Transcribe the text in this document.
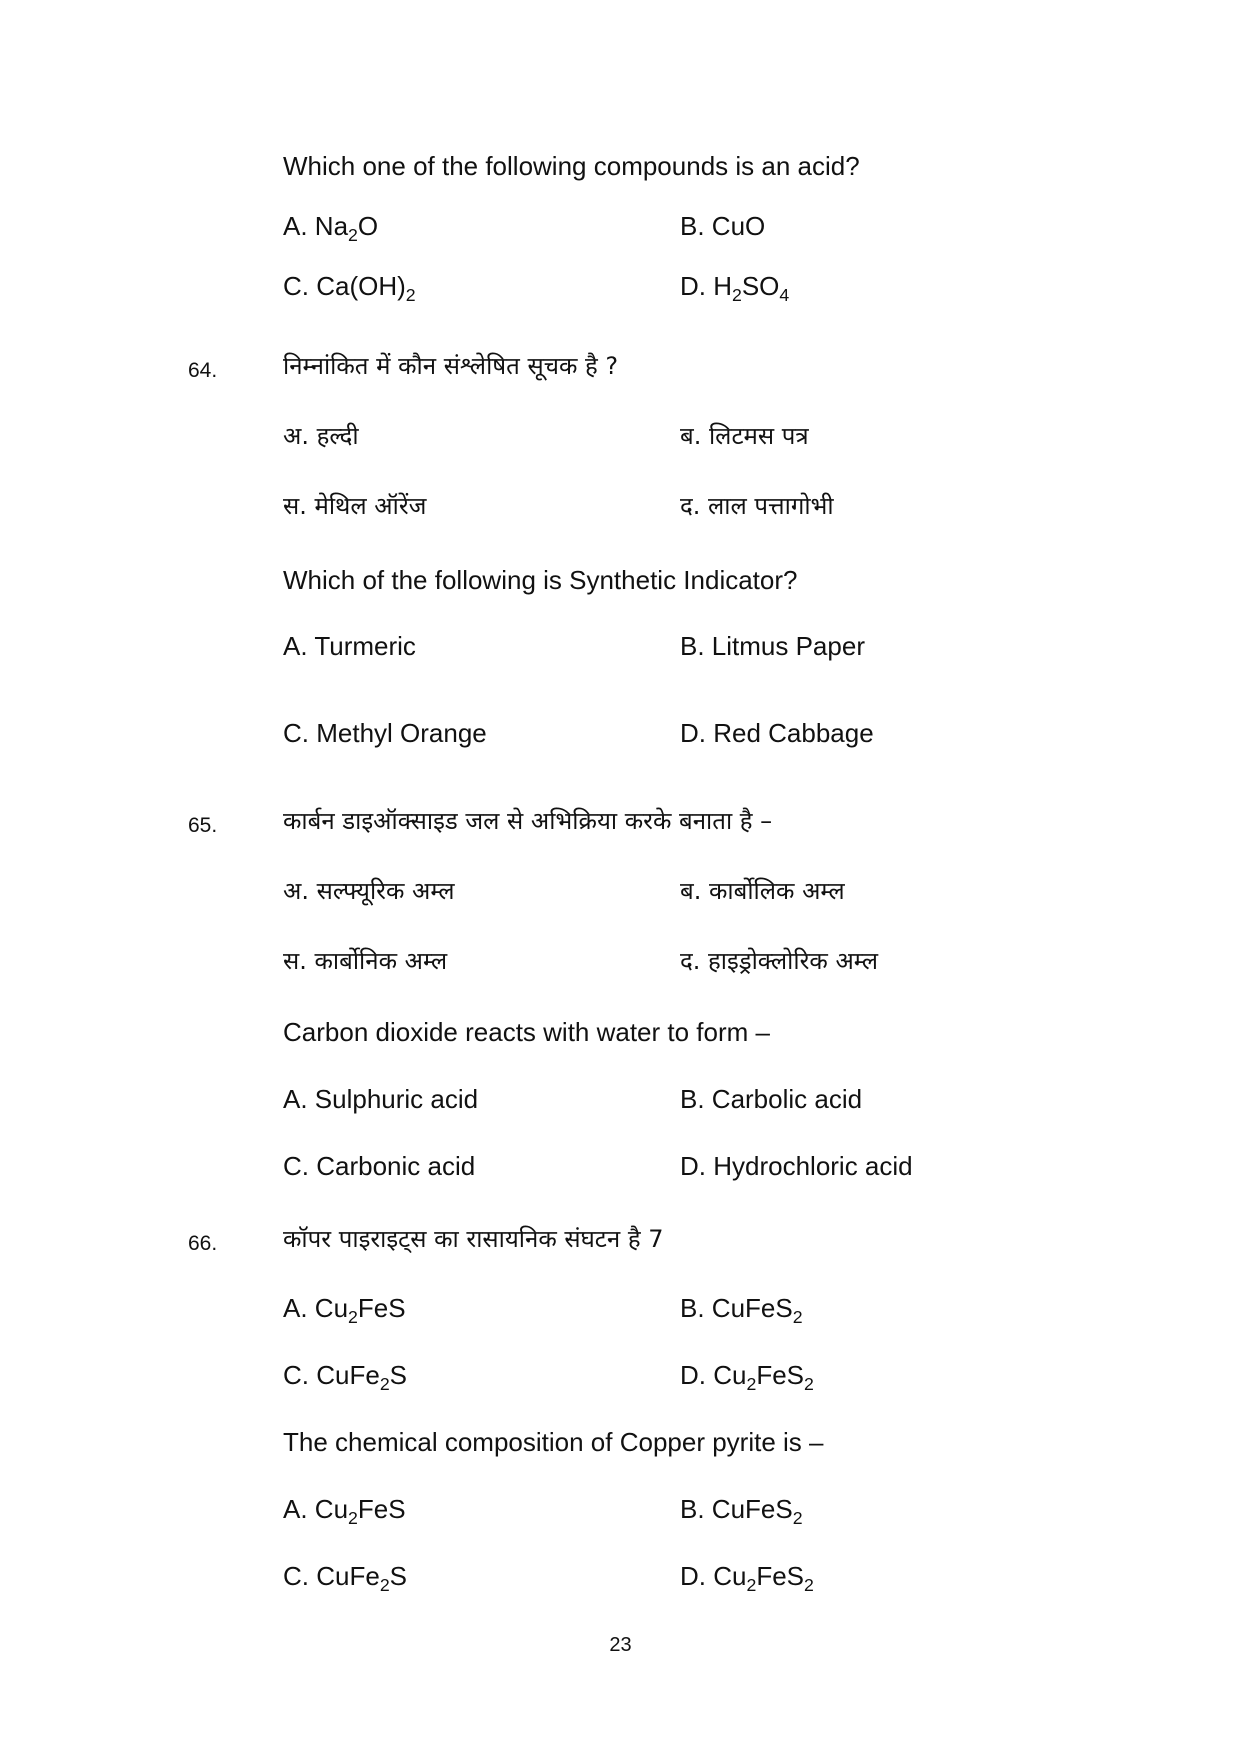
Which one of the following compounds is an acid?
A. $Na_2O$	B. CuO
C. $Ca(OH)_2$	D. $H_2SO_4$
64.	निम्नांकित में कौन संश्लेषित सूचक है ?
अ. हल्दी	ब. लिटमस पत्र
स. मेथिल ऑरेंज	द. लाल पत्तागोभी
Which of the following is Synthetic Indicator?
A. Turmeric	B. Litmus Paper
C. Methyl Orange	D. Red Cabbage
65.	कार्बन डाइऑक्साइड जल से अभिक्रिया करके बनाता है –
अ. सल्फ्यूरिक अम्ल	ब. कार्बोलिक अम्ल
स. कार्बोनिक अम्ल	द. हाइड्रोक्लोरिक अम्ल
Carbon dioxide reacts with water to form –
A. Sulphuric acid	B. Carbolic acid
C. Carbonic acid	D. Hydrochloric acid
66.	कॉपर पाइराइट्स का रासायनिक संघटन है 7
A. $Cu_2FeS$	B. CuFeS$_2$
C. CuFe$_2$S	D. $Cu_2FeS_2$
The chemical composition of Copper pyrite is –
A. $Cu_2FeS$	B. CuFeS$_2$
C. CuFe$_2$S	D. $Cu_2FeS_2$
23
